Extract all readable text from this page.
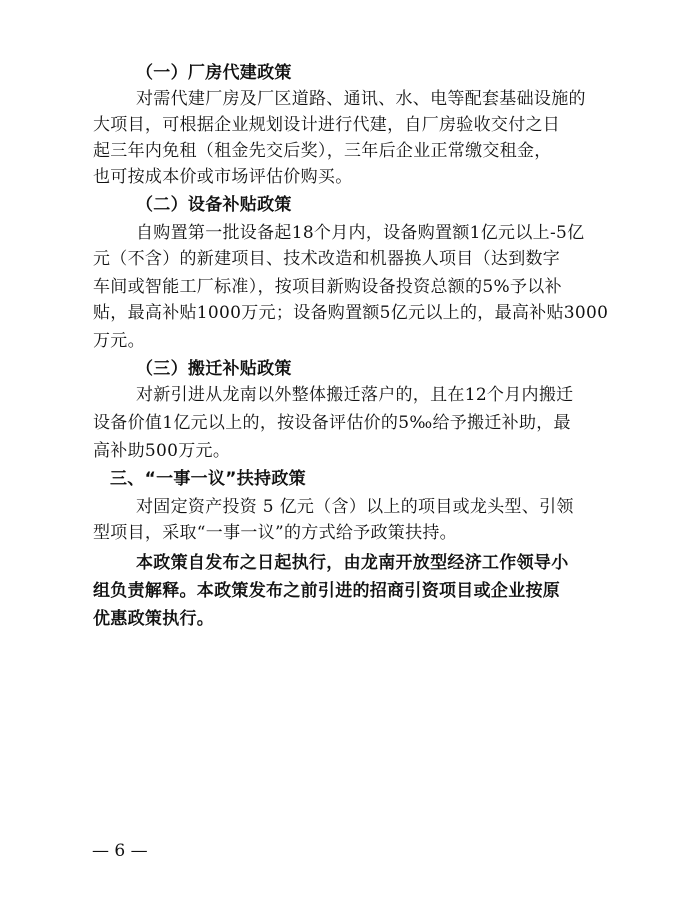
（一）厂房代建政策
对需代建厂房及厂区道路、通讯、水、电等配套基础设施的
大项目，可根据企业规划设计进行代建，自厂房验收交付之日
起三年内免租（租金先交后奖），三年后企业正常缴交租金，
也可按成本价或市场评估价购买。
（二）设备补贴政策
自购置第一批设备起18个月内，设备购置额1亿元以上-5亿
元（不含）的新建项目、技术改造和机器换人项目（达到数字
车间或智能工厂标准），按项目新购设备投资总额的5%予以补
贴，最高补贴1000万元；设备购置额5亿元以上的，最高补贴3000
万元。
（三）搬迁补贴政策
对新引进从龙南以外整体搬迁落户的，且在12个月内搬迁
设备价值1亿元以上的，按设备评估价的5‰给予搬迁补助，最
高补助500万元。
三、“一事一议”扶持政策
对固定资产投资 5 亿元（含）以上的项目或龙头型、引领
型项目，采取“一事一议”的方式给予政策扶持。
本政策自发布之日起执行，由龙南开放型经济工作领导小
组负责解释。本政策发布之前引进的招商引资项目或企业按原
优惠政策执行。
— 6 —
